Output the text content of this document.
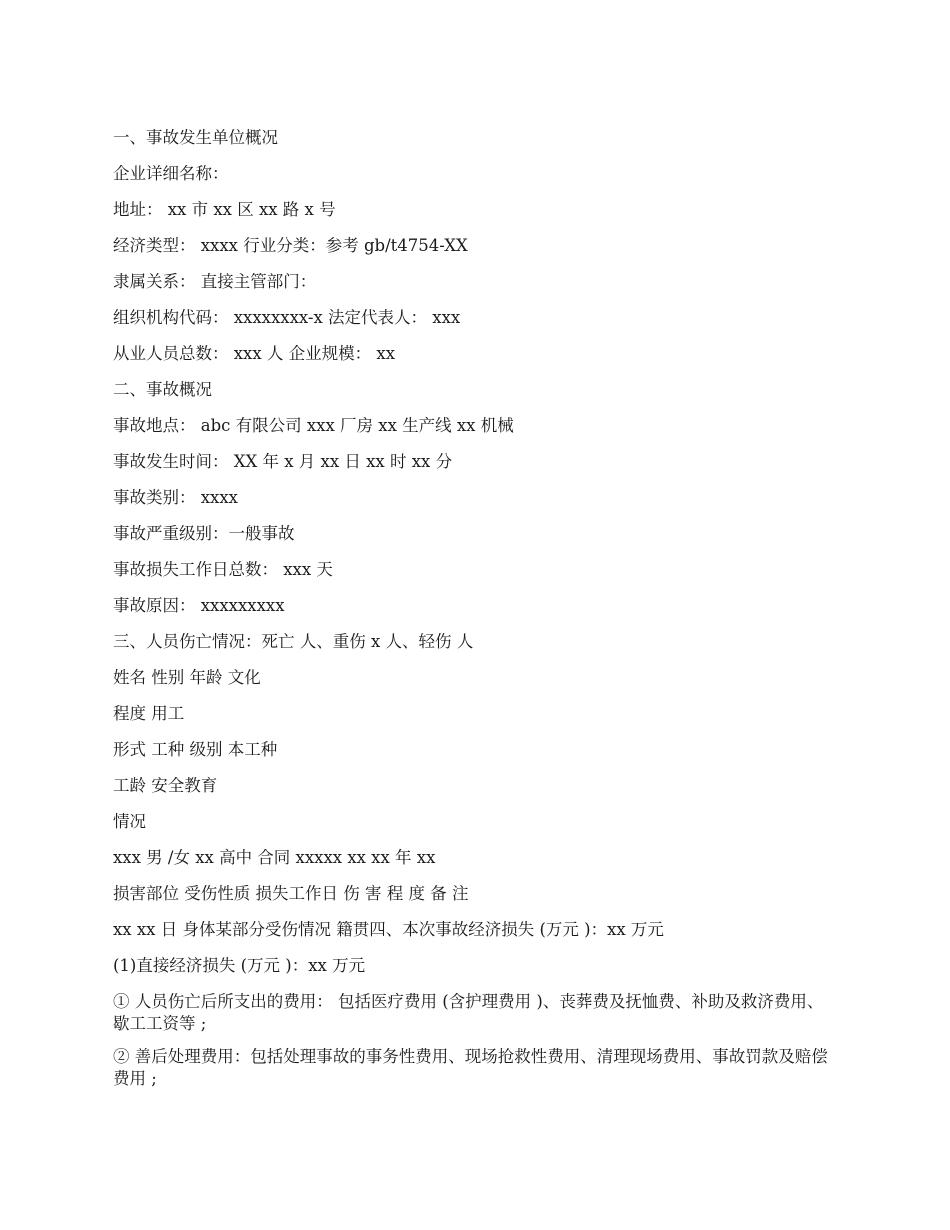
一、事故发生单位概况
企业详细名称：
地址： xx 市 xx 区 xx 路 x 号
经济类型： xxxx 行业分类：参考 gb/t4754-XX
隶属关系： 直接主管部门：
组织机构代码： xxxxxxxx-x 法定代表人： xxx
从业人员总数： xxx 人 企业规模： xx
二、事故概况
事故地点： abc 有限公司 xxx 厂房 xx 生产线 xx 机械
事故发生时间： XX 年 x 月 xx 日 xx 时 xx 分
事故类别： xxxx
事故严重级别：一般事故
事故损失工作日总数： xxx 天
事故原因： xxxxxxxxx
三、人员伤亡情况：死亡 人、重伤 x 人、轻伤 人
姓名 性别 年龄 文化
程度 用工
形式 工种 级别 本工种
工龄 安全教育
情况
xxx 男 /女 xx 高中 合同 xxxxx xx xx 年 xx
损害部位 受伤性质 损失工作日 伤 害 程 度 备 注
xx xx 日 身体某部分受伤情况 籍贯四、本次事故经济损失 (万元 )：xx 万元
(1)直接经济损失 (万元 )：xx 万元
① 人员伤亡后所支出的费用： 包括医疗费用 (含护理费用 )、丧葬费及抚恤费、补助及救济费用、歇工工资等 ;
② 善后处理费用：包括处理事故的事务性费用、现场抢救性费用、清理现场费用、事故罚款及赔偿费用 ;
